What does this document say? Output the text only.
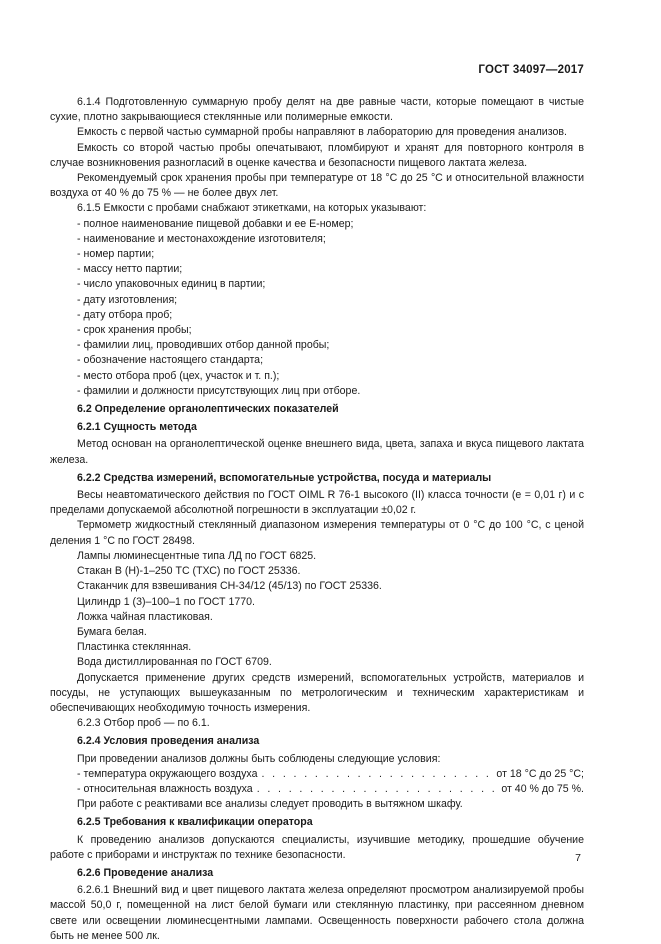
ГОСТ 34097—2017

6.1.4 Подготовленную суммарную пробу делят на две равные части, которые помещают в чистые сухие, плотно закрывающиеся стеклянные или полимерные емкости.

Емкость с первой частью суммарной пробы направляют в лабораторию для проведения анализов.

Емкость со второй частью пробы опечатывают, пломбируют и хранят для повторного контроля в случае возникновения разногласий в оценке качества и безопасности пищевого лактата железа.

Рекомендуемый срок хранения пробы при температуре от 18 °С до 25 °С и относительной влажности воздуха от 40 % до 75 % — не более двух лет.

6.1.5 Емкости с пробами снабжают этикетками, на которых указывают:

- полное наименование пищевой добавки и ее Е-номер;

- наименование и местонахождение изготовителя;

- номер партии;

- массу нетто партии;

- число упаковочных единиц в партии;

- дату изготовления;

- дату отбора проб;

- срок хранения пробы;

- фамилии лиц, проводивших отбор данной пробы;

- обозначение настоящего стандарта;

- место отбора проб (цех, участок и т. п.);

- фамилии и должности присутствующих лиц при отборе.

6.2 Определение органолептических показателей
6.2.1 Сущность метода

Метод основан на органолептической оценке внешнего вида, цвета, запаха и вкуса пищевого лактата железа.

6.2.2 Средства измерений, вспомогательные устройства, посуда и материалы

Весы неавтоматического действия по ГОСТ OIML R 76-1 высокого (II) класса точности (е = 0,01 г) и с пределами допускаемой абсолютной погрешности в эксплуатации ±0,02 г.

Термометр жидкостный стеклянный диапазоном измерения температуры от 0 °С до 100 °С, с ценой деления 1 °С по ГОСТ 28498.

Лампы люминесцентные типа ЛД по ГОСТ 6825.

Стакан В (Н)-1–250 ТС (ТХС) по ГОСТ 25336.

Стаканчик для взвешивания СН-34/12 (45/13) по ГОСТ 25336.

Цилиндр 1 (3)–100–1 по ГОСТ 1770.

Ложка чайная пластиковая.

Бумага белая.

Пластинка стеклянная.

Вода дистиллированная по ГОСТ 6709.

Допускается применение других средств измерений, вспомогательных устройств, материалов и посуды, не уступающих вышеуказанным по метрологическим и техническим характеристикам и обеспечивающих необходимую точность измерения.

6.2.3 Отбор проб — по 6.1.

6.2.4 Условия проведения анализа

При проведении анализов должны быть соблюдены следующие условия:

- температура окружающего воздуха . . .	от 18 °С до 25 °С;
- относительная влажность воздуха . . .	от 40 % до 75 %.

При работе с реактивами все анализы следует проводить в вытяжном шкафу.

6.2.5 Требования к квалификации оператора

К проведению анализов допускаются специалисты, изучившие методику, прошедшие обучение работе с приборами и инструктаж по технике безопасности.

6.2.6 Проведение анализа

6.2.6.1 Внешний вид и цвет пищевого лактата железа определяют просмотром анализируемой пробы массой 50,0 г, помещенной на лист белой бумаги или стеклянную пластинку, при рассеянном дневном свете или освещении люминесцентными лампами. Освещенность поверхности рабочего стола должна быть не менее 500 лк.

7
